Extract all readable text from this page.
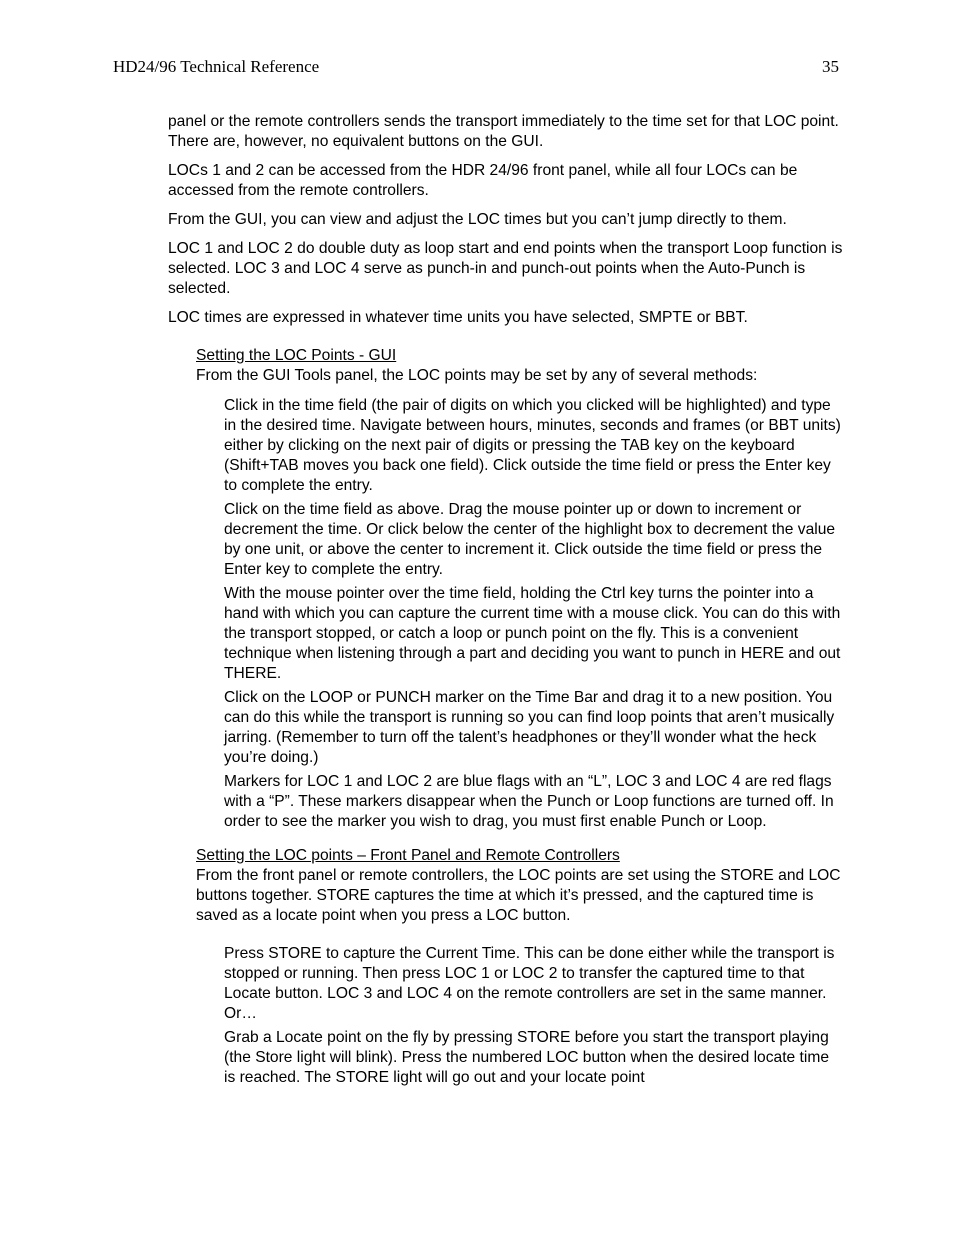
HD24/96 Technical Reference	35

panel or the remote controllers sends the transport immediately to the time set for that LOC point. There are, however, no equivalent buttons on the GUI.

LOCs 1 and 2 can be accessed from the HDR 24/96 front panel, while all four LOCs can be accessed from the remote controllers.

From the GUI, you can view and adjust the LOC times but you can’t jump directly to them.

LOC 1 and LOC 2 do double duty as loop start and end points when the transport Loop function is selected. LOC 3 and LOC 4 serve as punch-in and punch-out points when the Auto-Punch is selected.

LOC times are expressed in whatever time units you have selected, SMPTE or BBT.

Setting the LOC Points - GUI
From the GUI Tools panel, the LOC points may be set by any of several methods:
Click in the time field (the pair of digits on which you clicked will be highlighted) and type in the desired time. Navigate between hours, minutes, seconds and frames (or BBT units) either by clicking on the next pair of digits or pressing the TAB key on the keyboard (Shift+TAB moves you back one field). Click outside the time field or press the Enter key to complete the entry.
Click on the time field as above. Drag the mouse pointer up or down to increment or decrement the time. Or click below the center of the highlight box to decrement the value by one unit, or above the center to increment it. Click outside the time field or press the Enter key to complete the entry.
With the mouse pointer over the time field, holding the Ctrl key turns the pointer into a hand with which you can capture the current time with a mouse click. You can do this with the transport stopped, or catch a loop or punch point on the fly. This is a convenient technique when listening through a part and deciding you want to punch in HERE and out THERE.
Click on the LOOP or PUNCH marker on the Time Bar and drag it to a new position. You can do this while the transport is running so you can find loop points that aren’t musically jarring. (Remember to turn off the talent’s headphones or they’ll wonder what the heck you’re doing.)
Markers for LOC 1 and LOC 2 are blue flags with an “L”, LOC 3 and LOC 4 are red flags with a “P”. These markers disappear when the Punch or Loop functions are turned off. In order to see the marker you wish to drag, you must first enable Punch or Loop.
Setting the LOC points – Front Panel and Remote Controllers
From the front panel or remote controllers, the LOC points are set using the STORE and LOC buttons together. STORE captures the time at which it’s pressed, and the captured time is saved as a locate point when you press a LOC button.
Press STORE to capture the Current Time. This can be done either while the transport is stopped or running. Then press LOC 1 or LOC 2 to transfer the captured time to that Locate button. LOC 3 and LOC 4 on the remote controllers are set in the same manner. Or…
Grab a Locate point on the fly by pressing STORE before you start the transport playing (the Store light will blink). Press the numbered LOC button when the desired locate time is reached. The STORE light will go out and your locate point
